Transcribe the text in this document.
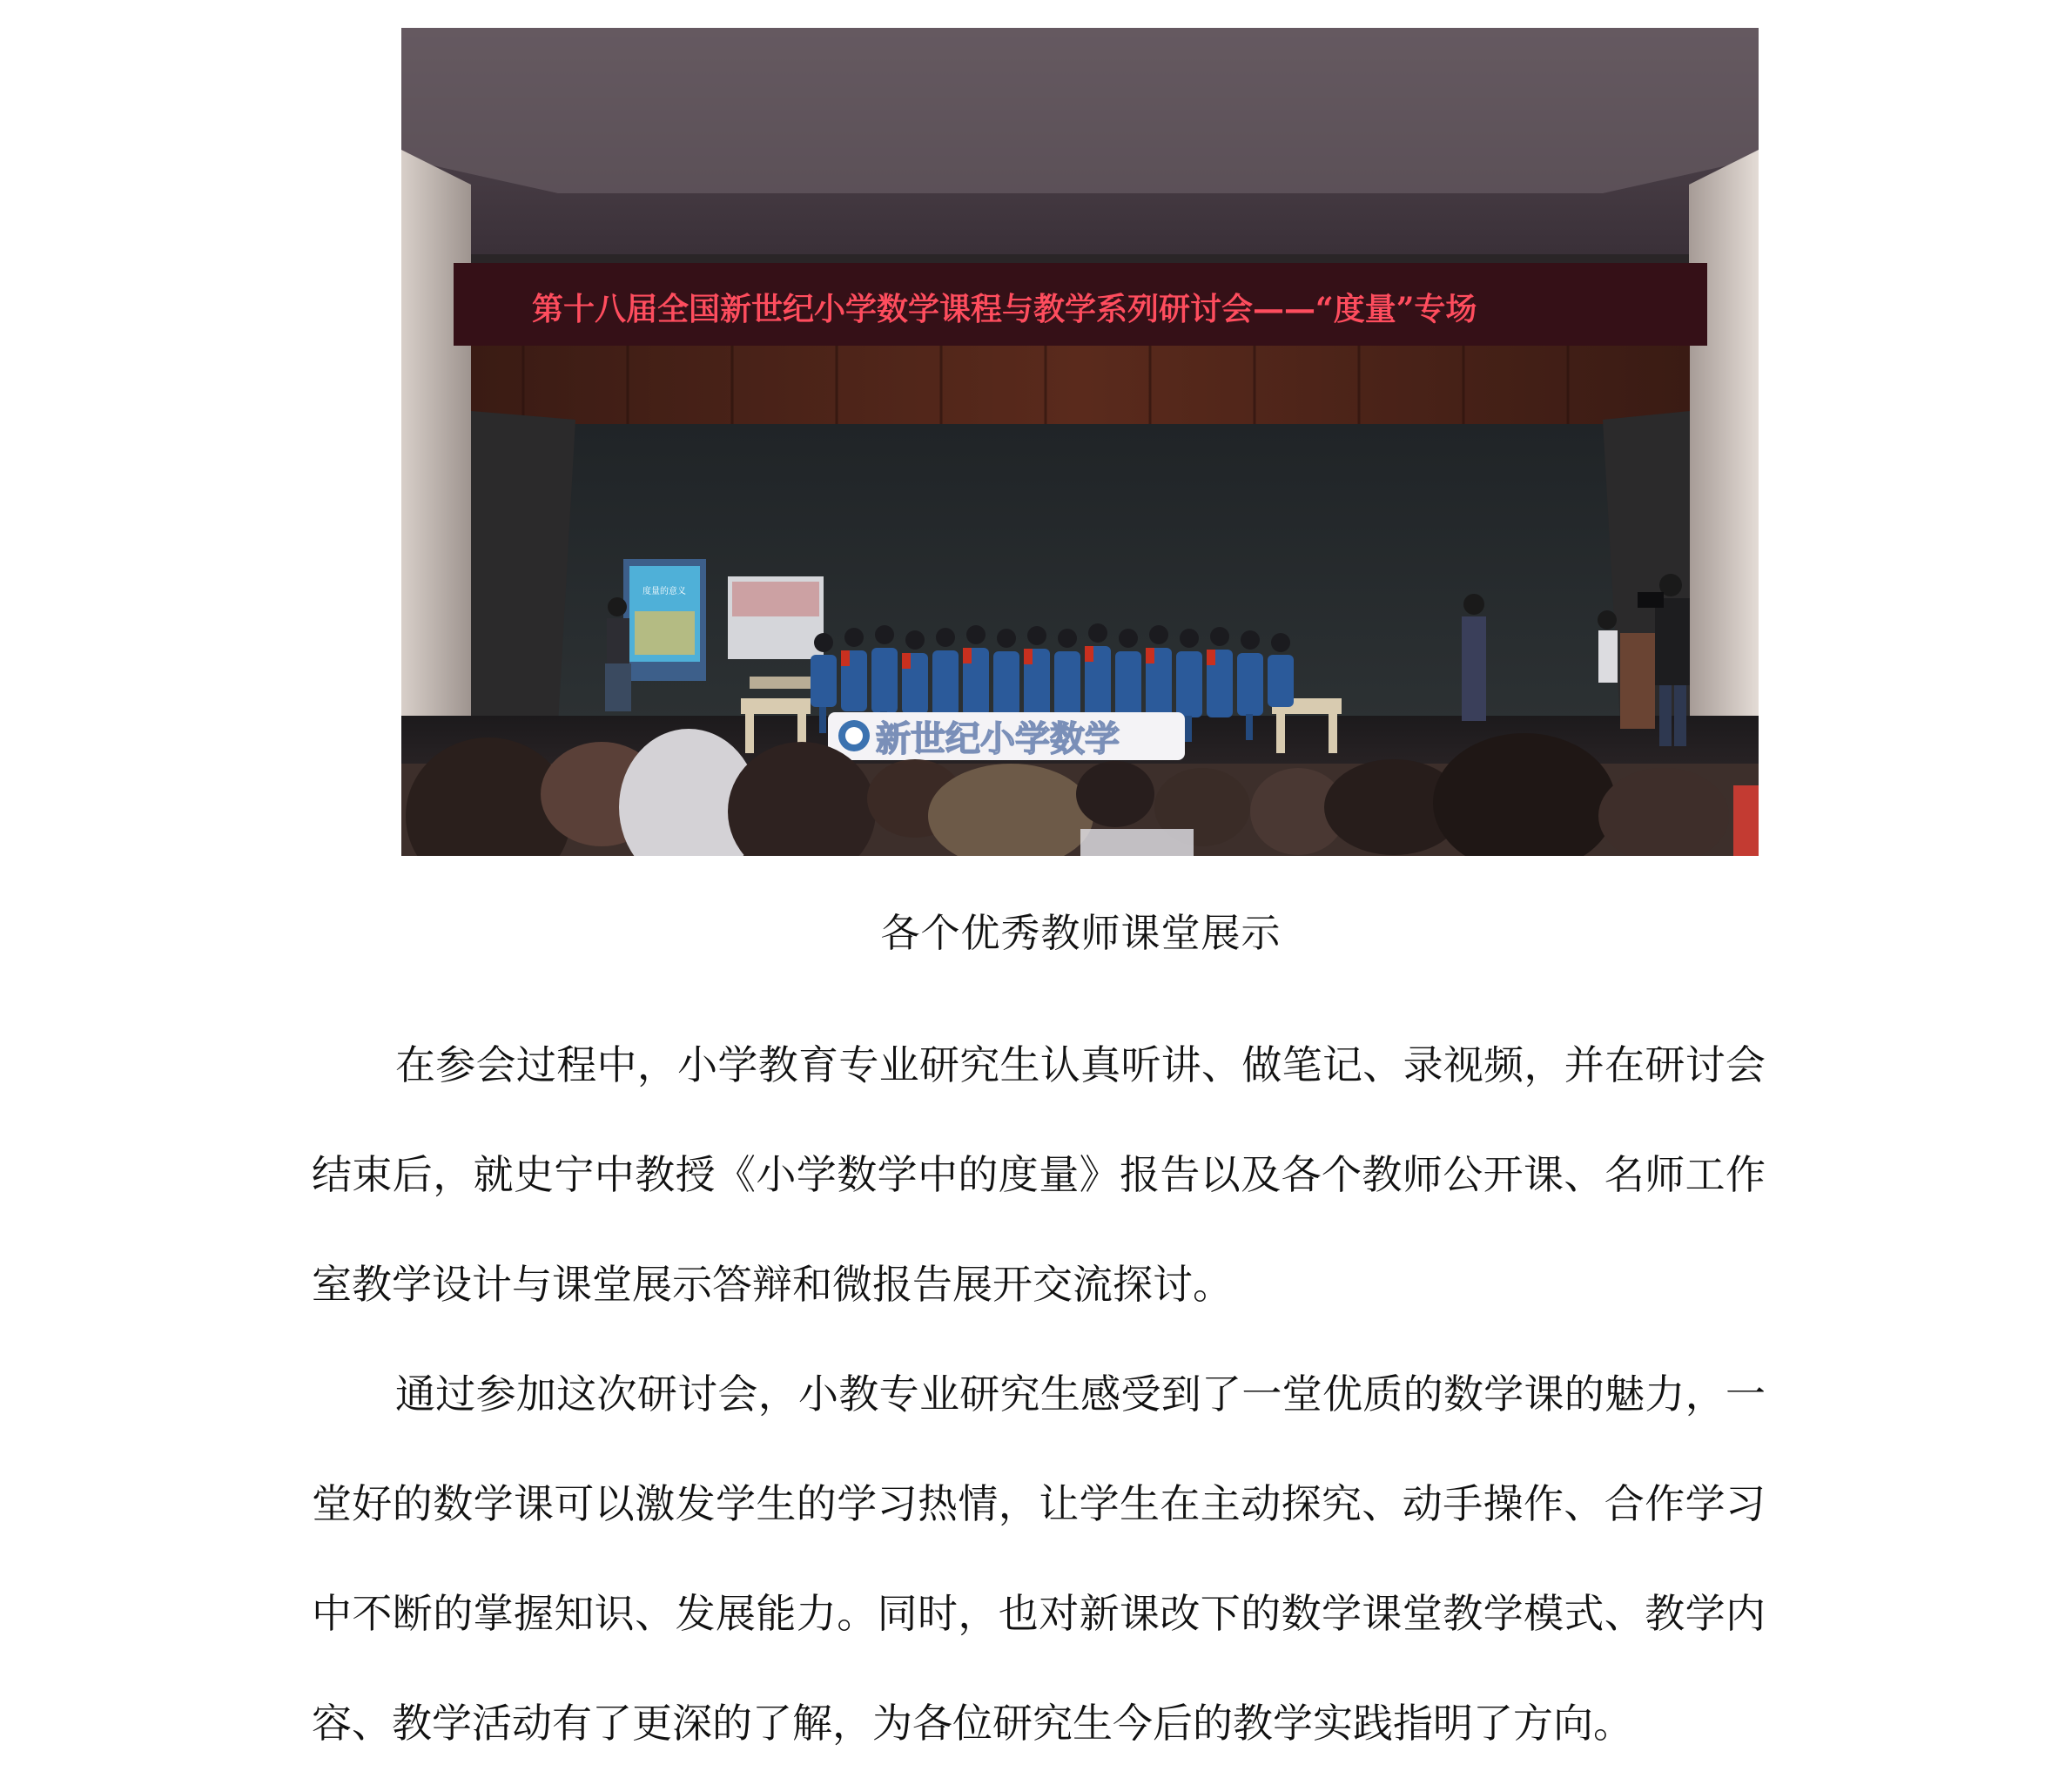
第十八届全国新世纪小学数学课程与教学系列研讨会——“度量”专场
度量的意义
新世纪小学数学
各个优秀教师课堂展示

在参会过程中，小学教育专业研究生认真听讲、做笔记、录视频，并在研讨会结束后，就史宁中教授《小学数学中的度量》报告以及各个教师公开课、名师工作室教学设计与课堂展示答辩和微报告展开交流探讨。

通过参加这次研讨会，小教专业研究生感受到了一堂优质的数学课的魅力，一堂好的数学课可以激发学生的学习热情，让学生在主动探究、动手操作、合作学习中不断的掌握知识、发展能力。同时，也对新课改下的数学课堂教学模式、教学内容、教学活动有了更深的了解，为各位研究生今后的教学实践指明了方向。
